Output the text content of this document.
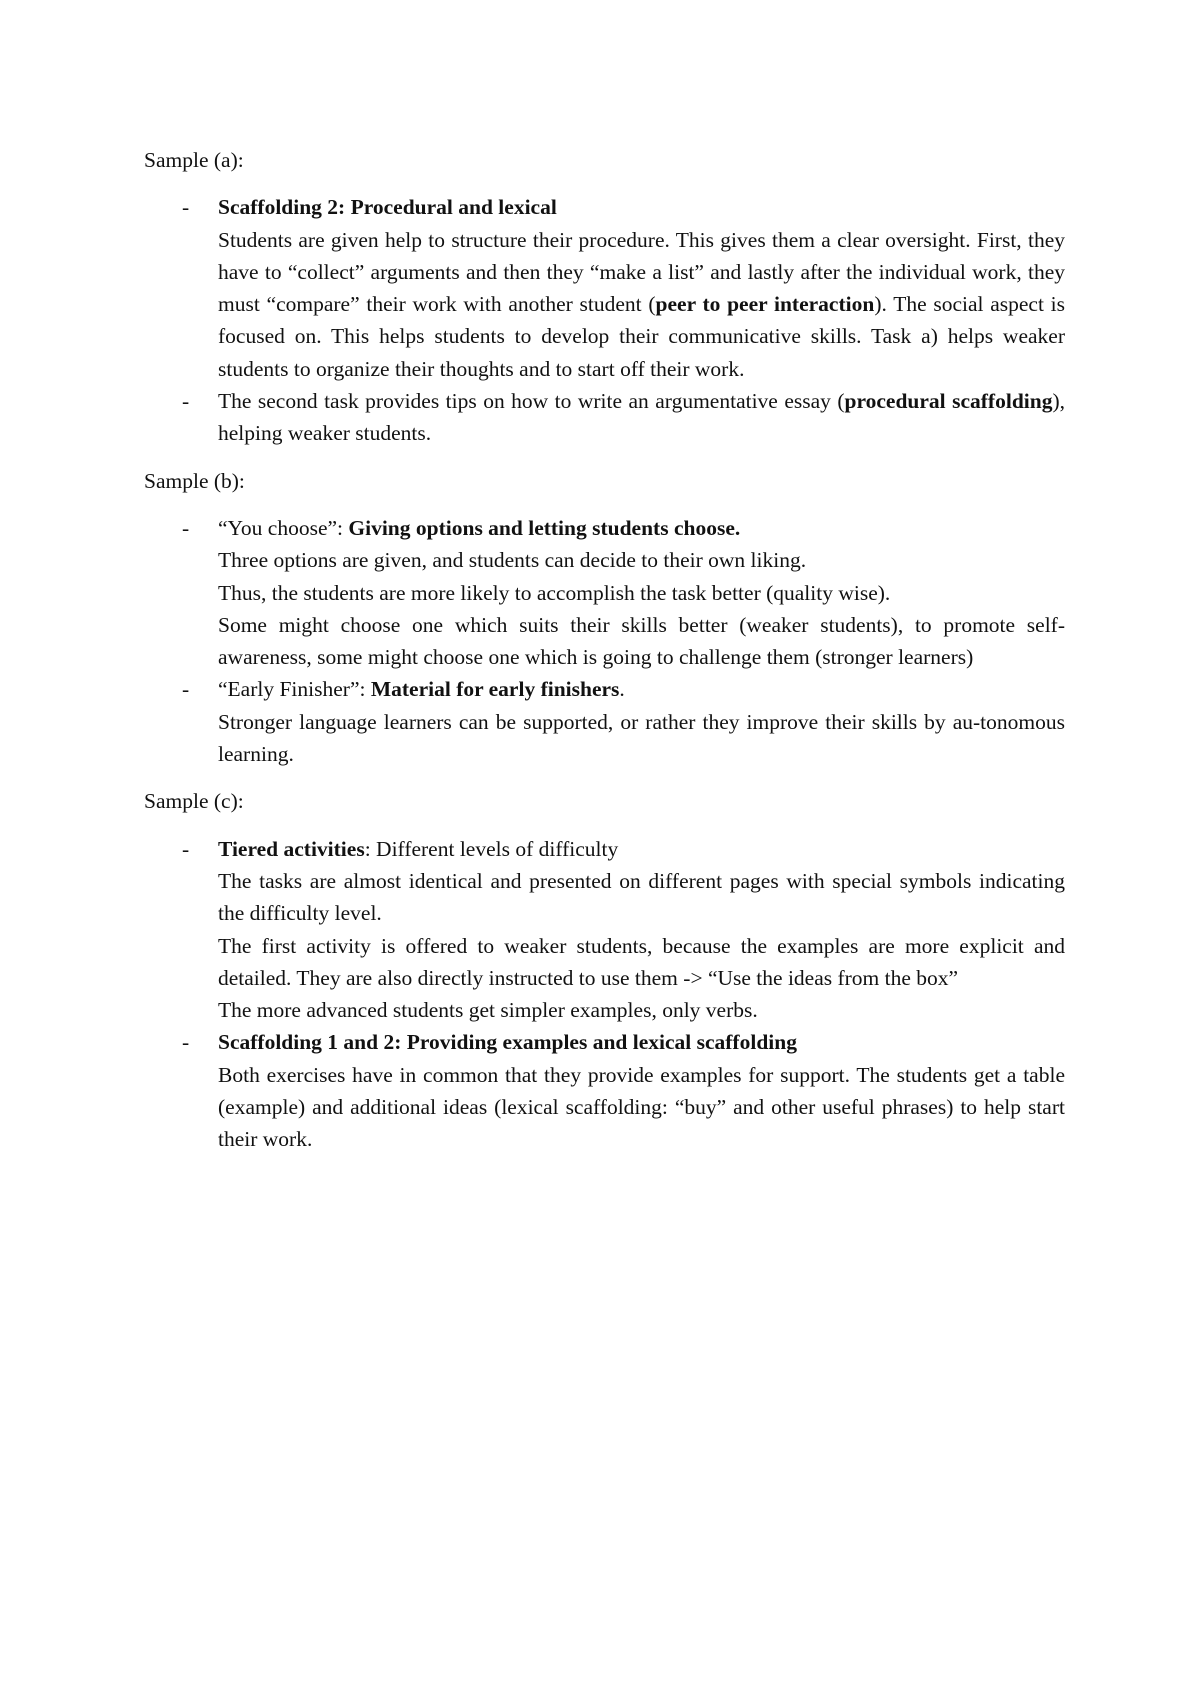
Sample (a):
- Scaffolding 2: Procedural and lexical
Students are given help to structure their procedure. This gives them a clear oversight. First, they have to “collect” arguments and then they “make a list” and lastly after the individual work, they must “compare” their work with another student (peer to peer interaction). The social aspect is focused on. This helps students to develop their communicative skills. Task a) helps weaker students to organize their thoughts and to start off their work.
- The second task provides tips on how to write an argumentative essay (procedural scaffolding), helping weaker students.
Sample (b):
- “You choose”: Giving options and letting students choose.
Three options are given, and students can decide to their own liking.
Thus, the students are more likely to accomplish the task better (quality wise).
Some might choose one which suits their skills better (weaker students), to promote self-awareness, some might choose one which is going to challenge them (stronger learners)
- “Early Finisher”: Material for early finishers.
Stronger language learners can be supported, or rather they improve their skills by au-tonomous learning.
Sample (c):
- Tiered activities: Different levels of difficulty
The tasks are almost identical and presented on different pages with special symbols indicating the difficulty level.
The first activity is offered to weaker students, because the examples are more explicit and detailed. They are also directly instructed to use them -> “Use the ideas from the box”
The more advanced students get simpler examples, only verbs.
- Scaffolding 1 and 2: Providing examples and lexical scaffolding
Both exercises have in common that they provide examples for support. The students get a table (example) and additional ideas (lexical scaffolding: “buy” and other useful phrases) to help start their work.
